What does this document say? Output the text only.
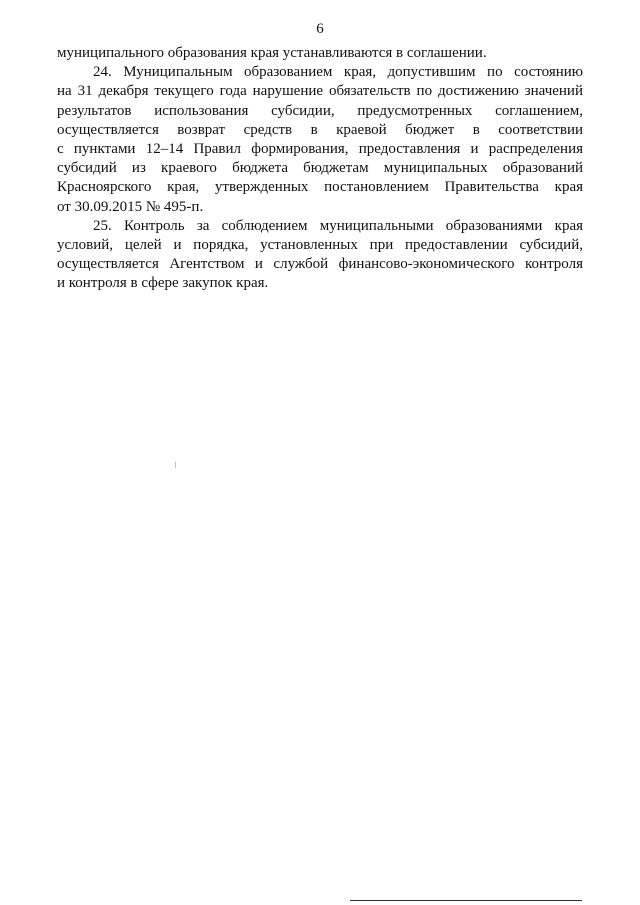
6
муниципального образования края устанавливаются в соглашении.
24. Муниципальным образованием края, допустившим по состоянию
на 31 декабря текущего года нарушение обязательств по достижению значений
результатов использования субсидии, предусмотренных соглашением,
осуществляется возврат средств в краевой бюджет в соответствии
с пунктами 12–14 Правил формирования, предоставления и распределения
субсидий из краевого бюджета бюджетам муниципальных образований
Красноярского края, утвержденных постановлением Правительства края
от 30.09.2015 № 495-п.
25. Контроль за соблюдением муниципальными образованиями края
условий, целей и порядка, установленных при предоставлении субсидий,
осуществляется Агентством и службой финансово-экономического контроля
и контроля в сфере закупок края.
